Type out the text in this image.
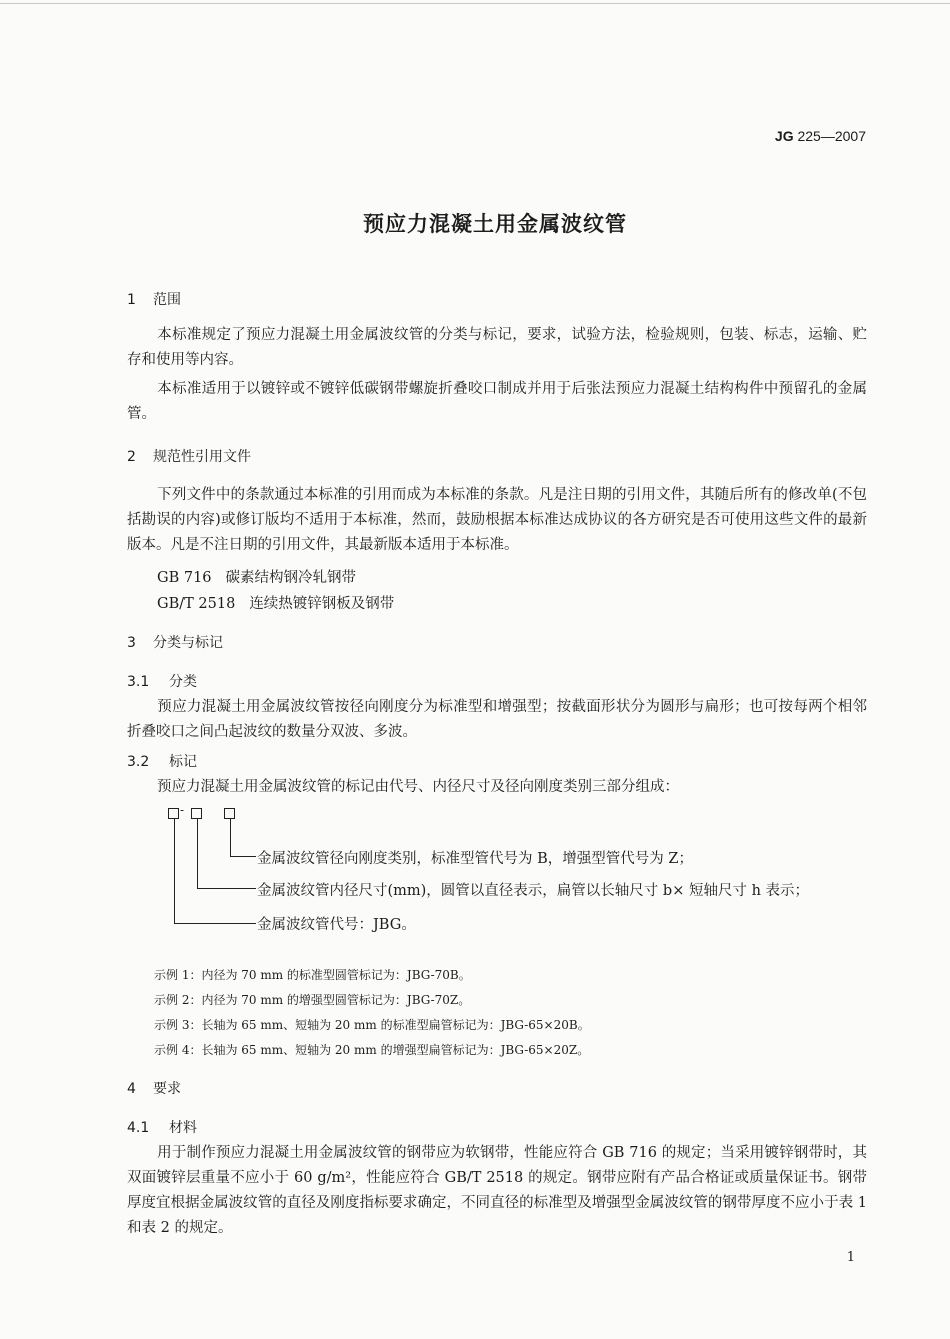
JG 225—2007
预应力混凝土用金属波纹管
1 范围
本标准规定了预应力混凝土用金属波纹管的分类与标记，要求，试验方法，检验规则，包装、标志，运输、贮存和使用等内容。
本标准适用于以镀锌或不镀锌低碳钢带螺旋折叠咬口制成并用于后张法预应力混凝土结构构件中预留孔的金属管。
2 规范性引用文件
下列文件中的条款通过本标准的引用而成为本标准的条款。凡是注日期的引用文件，其随后所有的修改单(不包括勘误的内容)或修订版均不适用于本标准，然而，鼓励根据本标准达成协议的各方研究是否可使用这些文件的最新版本。凡是不注日期的引用文件，其最新版本适用于本标准。
GB 716 碳素结构钢冷轧钢带
GB/T 2518 连续热镀锌钢板及钢带
3 分类与标记
3.1 分类
预应力混凝土用金属波纹管按径向刚度分为标准型和增强型；按截面形状分为圆形与扁形；也可按每两个相邻折叠咬口之间凸起波纹的数量分双波、多波。
3.2 标记
预应力混凝土用金属波纹管的标记由代号、内径尺寸及径向刚度类别三部分组成：
-
金属波纹管径向刚度类别，标准型管代号为 B，增强型管代号为 Z；
金属波纹管内径尺寸(mm)，圆管以直径表示，扁管以长轴尺寸 b× 短轴尺寸 h 表示；
金属波纹管代号：JBG。
示例 1：内径为 70 mm 的标准型圆管标记为：JBG-70B。
示例 2：内径为 70 mm 的增强型圆管标记为：JBG-70Z。
示例 3：长轴为 65 mm、短轴为 20 mm 的标准型扁管标记为：JBG-65×20B。
示例 4：长轴为 65 mm、短轴为 20 mm 的增强型扁管标记为：JBG-65×20Z。
4 要求
4.1 材料
用于制作预应力混凝土用金属波纹管的钢带应为软钢带，性能应符合 GB 716 的规定；当采用镀锌钢带时，其双面镀锌层重量不应小于 60 g/m²，性能应符合 GB/T 2518 的规定。钢带应附有产品合格证或质量保证书。钢带厚度宜根据金属波纹管的直径及刚度指标要求确定，不同直径的标准型及增强型金属波纹管的钢带厚度不应小于表 1 和表 2 的规定。
1
